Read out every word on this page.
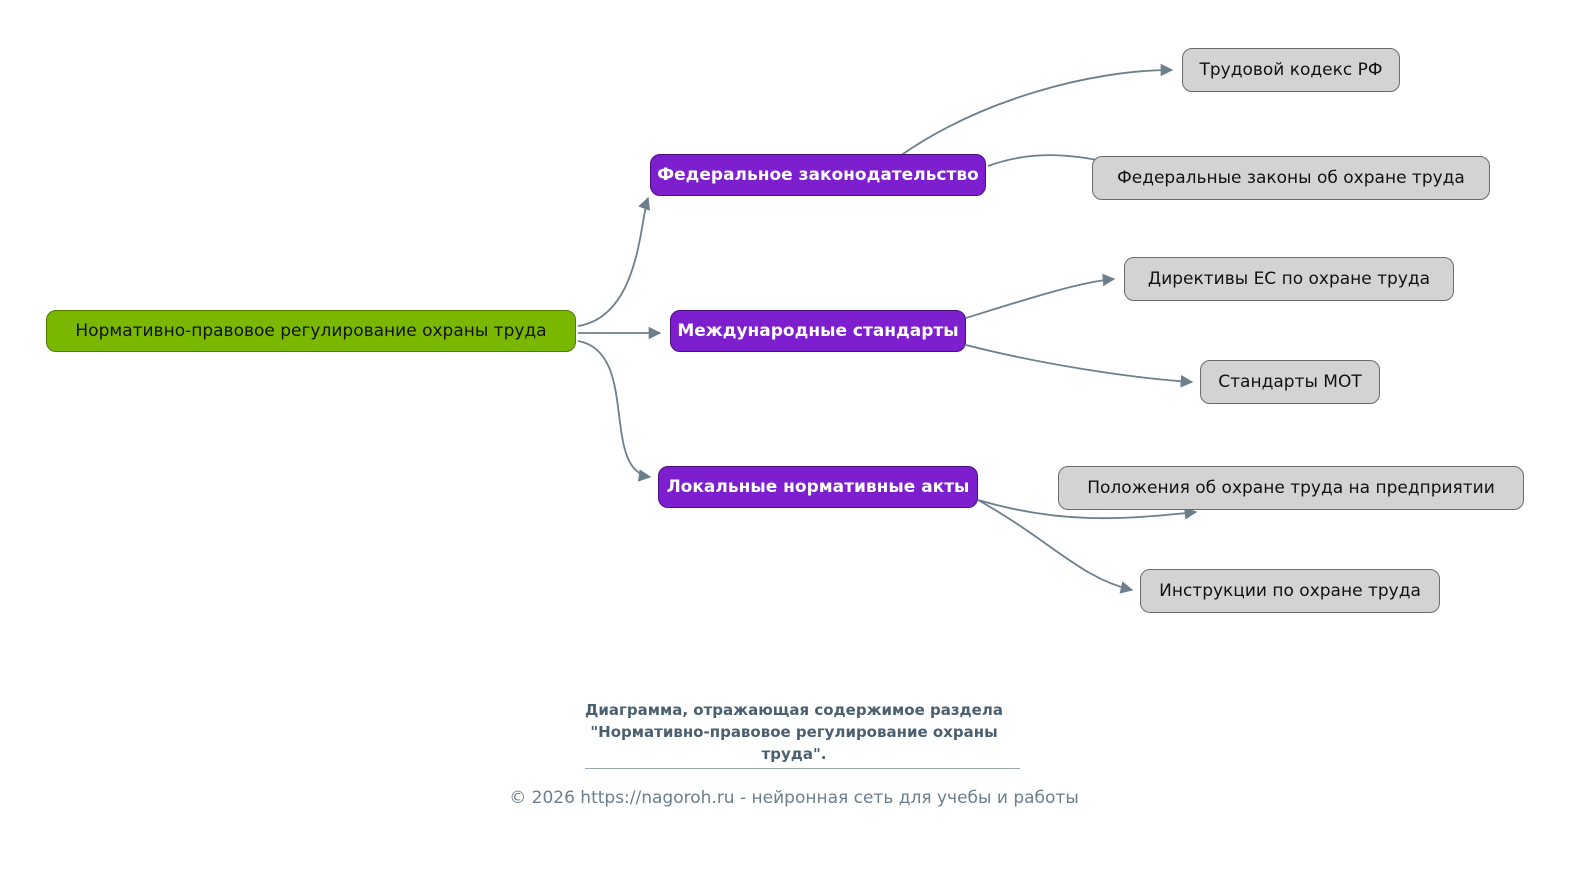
Нормативно-правовое регулирование охраны труда
Федеральное законодательство
Международные стандарты
Локальные нормативные акты
Трудовой кодекс РФ
Федеральные законы об охране труда
Директивы ЕС по охране труда
Стандарты МОТ
Положения об охране труда на предприятии
Инструкции по охране труда
Диаграмма, отражающая содержимое раздела
"Нормативно-правовое регулирование охраны
труда".
© 2026 https://nagoroh.ru - нейронная сеть для учебы и работы
